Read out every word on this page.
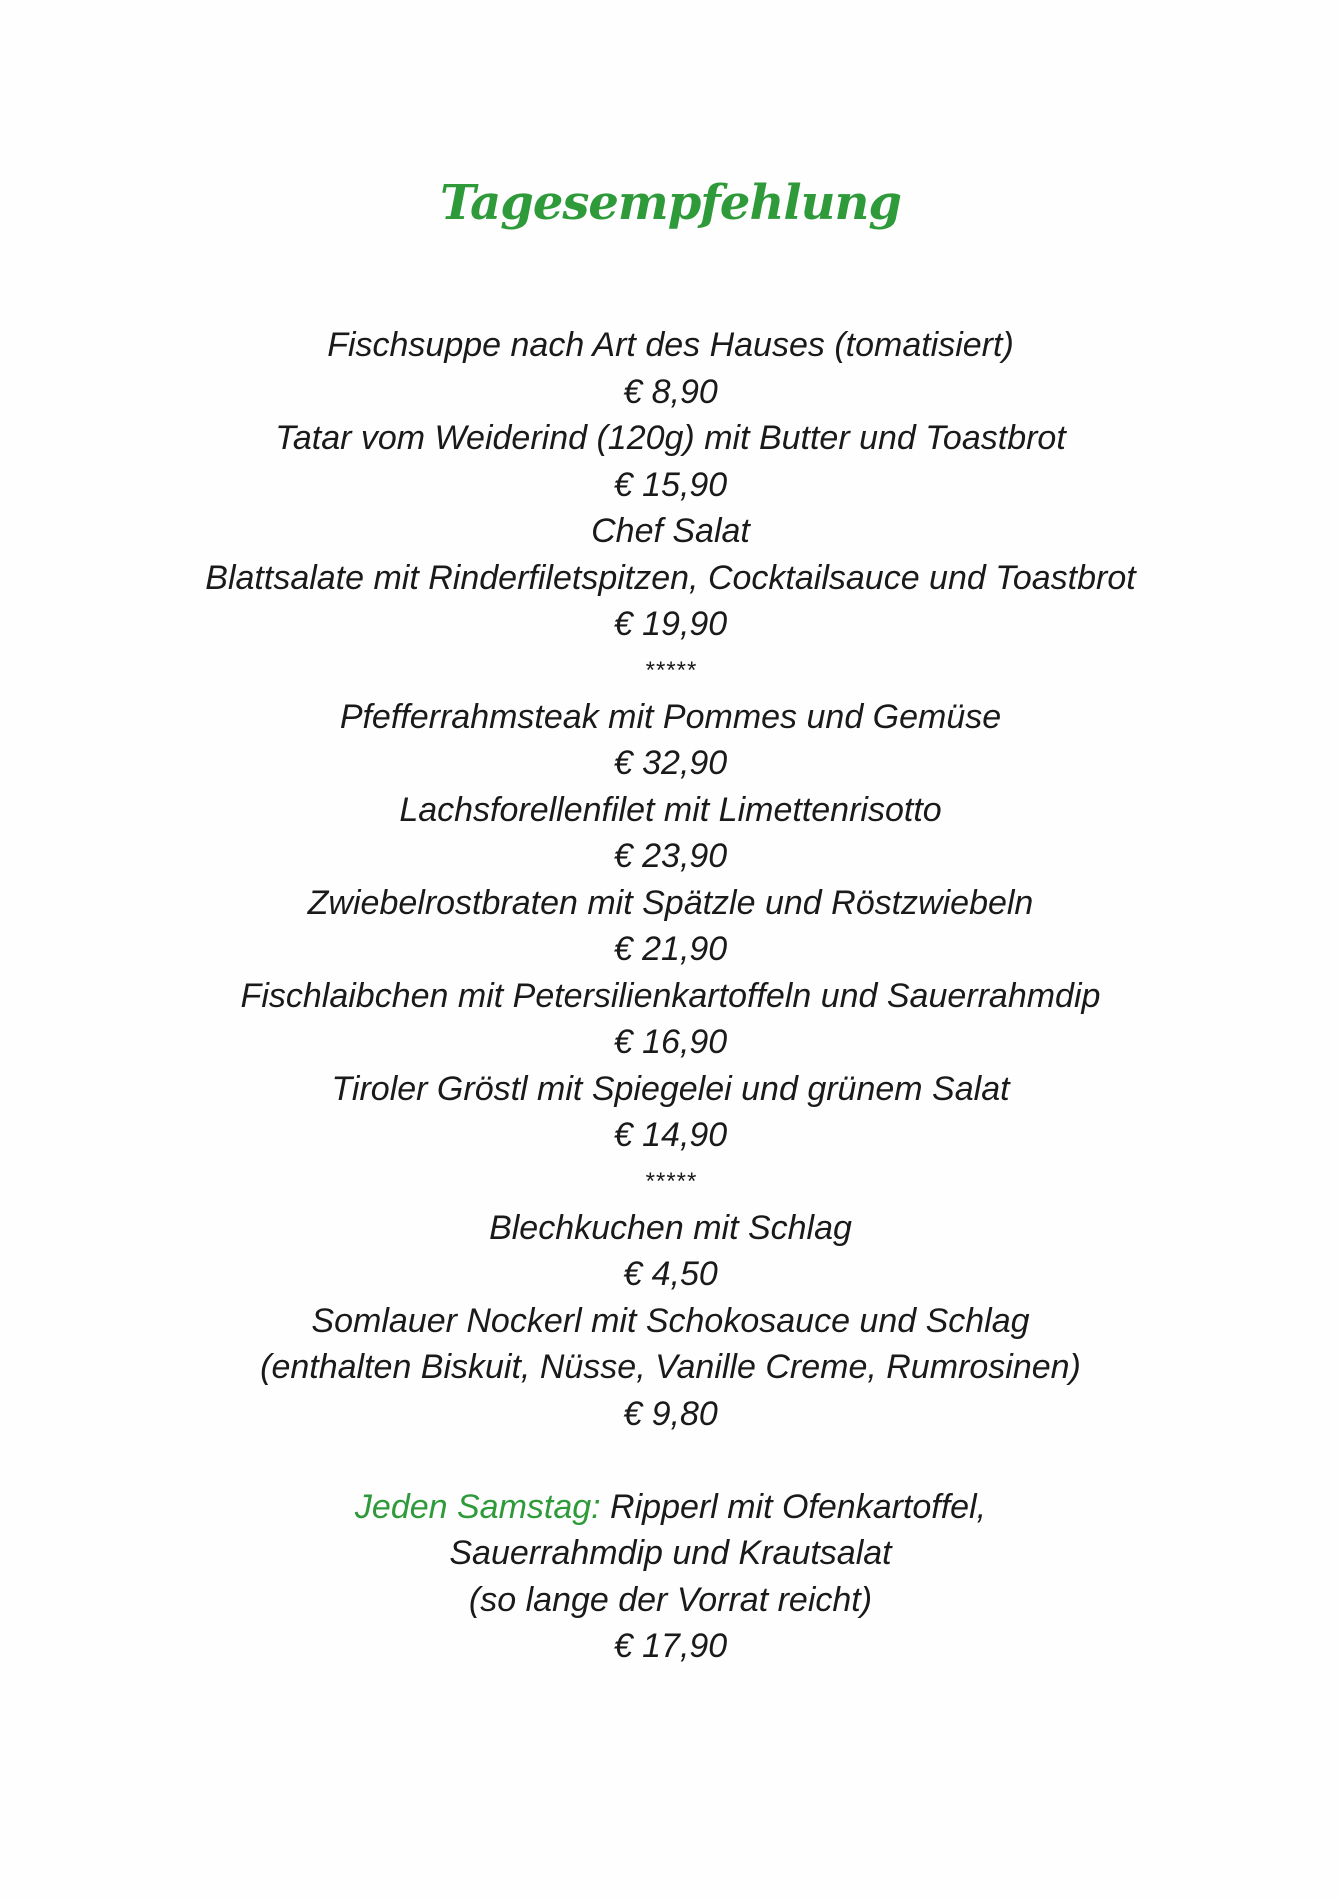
Tagesempfehlung
Fischsuppe nach Art des Hauses (tomatisiert)
€ 8,90
Tatar vom Weiderind (120g) mit Butter und Toastbrot
€ 15,90
Chef Salat
Blattsalate mit Rinderfiletspitzen, Cocktailsauce und Toastbrot
€ 19,90
*****
Pfefferrahmsteak mit Pommes und Gemüse
€ 32,90
Lachsforellenfilet mit Limettenrisotto
€ 23,90
Zwiebelrostbraten mit Spätzle und Röstzwiebeln
€ 21,90
Fischlaibchen mit Petersilienkartoffeln und Sauerrahmdip
€ 16,90
Tiroler Gröstl mit Spiegelei und grünem Salat
€ 14,90
*****
Blechkuchen mit Schlag
€ 4,50
Somlauer Nockerl mit Schokosauce und Schlag
(enthalten Biskuit, Nüsse, Vanille Creme, Rumrosinen)
€ 9,80
Jeden Samstag: Ripperl mit Ofenkartoffel,
Sauerrahmdip und Krautsalat
(so lange der Vorrat reicht)
€ 17,90
